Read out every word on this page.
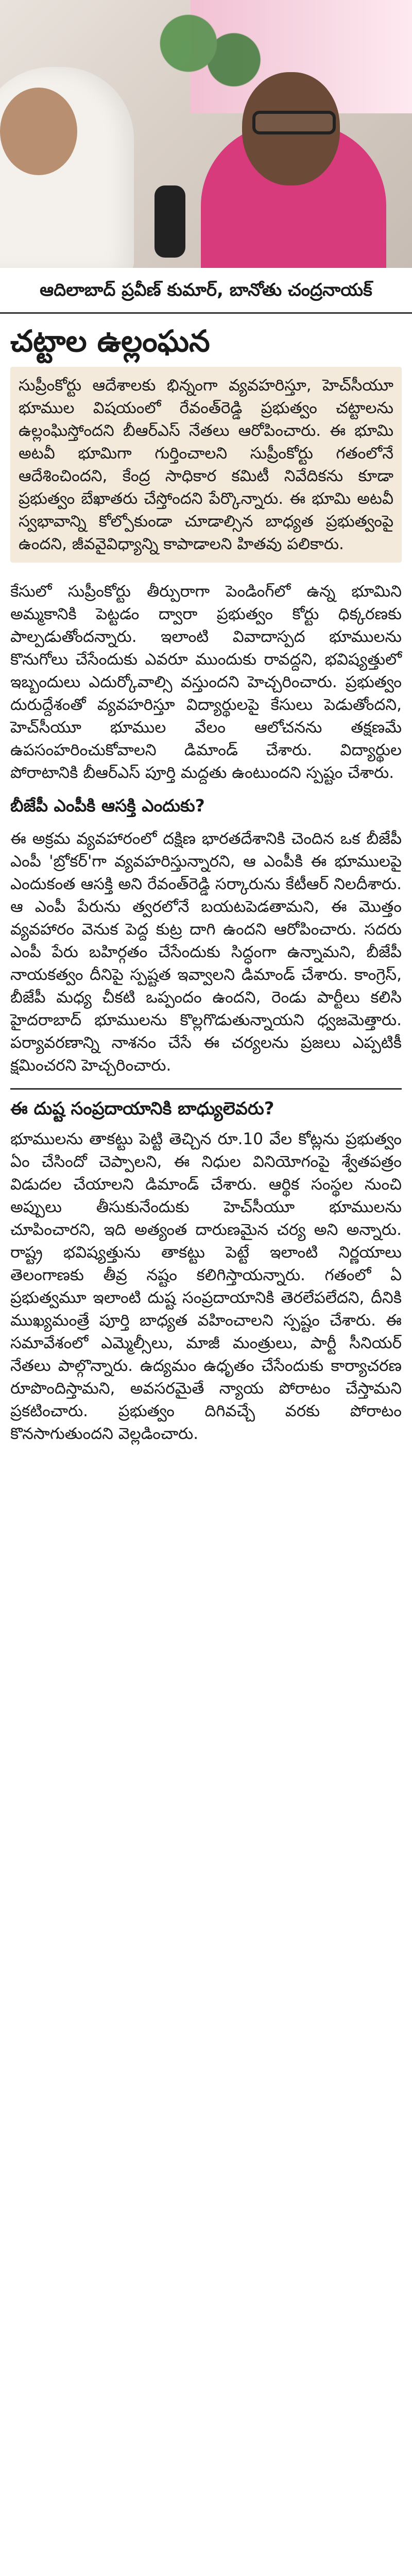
ఆదిలాబాద్ ప్రవీణ్ కుమార్, బానోతు చంద్రనాయక్
చట్టాల ఉల్లంఘన

సుప్రీంకోర్టు ఆదేశాలకు భిన్నంగా వ్యవహరిస్తూ, హెచ్‌సీయూ భూముల విషయంలో రేవంత్‌రెడ్డి ప్రభుత్వం చట్టాలను ఉల్లంఘిస్తోందని బీఆర్ఎస్ నేతలు ఆరోపించారు. ఈ భూమి అటవీ భూమిగా గుర్తించాలని సుప్రీంకోర్టు గతంలోనే ఆదేశించిందని, కేంద్ర సాధికార కమిటీ నివేదికను కూడా ప్రభుత్వం బేఖాతరు చేస్తోందని పేర్కొన్నారు. ఈ భూమి అటవీ స్వభావాన్ని కోల్పోకుండా చూడాల్సిన బాధ్యత ప్రభుత్వంపై ఉందని, జీవవైవిధ్యాన్ని కాపాడాలని హితవు పలికారు.

కేసులో సుప్రీంకోర్టు తీర్పురాగా పెండింగ్‌లో ఉన్న భూమిని అమ్మకానికి పెట్టడం ద్వారా ప్రభుత్వం కోర్టు ధిక్కరణకు పాల్పడుతోందన్నారు. ఇలాంటి వివాదాస్పద భూములను కొనుగోలు చేసేందుకు ఎవరూ ముందుకు రావద్దని, భవిష్యత్తులో ఇబ్బందులు ఎదుర్కోవాల్సి వస్తుందని హెచ్చరించారు. ప్రభుత్వం దురుద్దేశంతో వ్యవహరిస్తూ విద్యార్థులపై కేసులు పెడుతోందని, హెచ్‌సీయూ భూముల వేలం ఆలోచనను తక్షణమే ఉపసంహరించుకోవాలని డిమాండ్ చేశారు. విద్యార్థుల పోరాటానికి బీఆర్ఎస్ పూర్తి మద్దతు ఉంటుందని స్పష్టం చేశారు.

బీజేపీ ఎంపీకి ఆసక్తి ఎందుకు?

ఈ అక్రమ వ్యవహారంలో దక్షిణ భారతదేశానికి చెందిన ఒక బీజేపీ ఎంపీ 'బ్రోకర్'గా వ్యవహరిస్తున్నారని, ఆ ఎంపీకి ఈ భూములపై ఎందుకంత ఆసక్తి అని రేవంత్‌రెడ్డి సర్కారును కేటీఆర్ నిలదీశారు. ఆ ఎంపీ పేరును త్వరలోనే బయటపెడతామని, ఈ మొత్తం వ్యవహారం వెనుక పెద్ద కుట్ర దాగి ఉందని ఆరోపించారు. సదరు ఎంపీ పేరు బహిర్గతం చేసేందుకు సిద్ధంగా ఉన్నామని, బీజేపీ నాయకత్వం దీనిపై స్పష్టత ఇవ్వాలని డిమాండ్ చేశారు. కాంగ్రెస్, బీజేపీ మధ్య చీకటి ఒప్పందం ఉందని, రెండు పార్టీలు కలిసి హైదరాబాద్ భూములను కొల్లగొడుతున్నాయని ధ్వజమెత్తారు. పర్యావరణాన్ని నాశనం చేసే ఈ చర్యలను ప్రజలు ఎప్పటికీ క్షమించరని హెచ్చరించారు.

ఈ దుష్ట సంప్రదాయానికి బాధ్యులెవరు?

భూములను తాకట్టు పెట్టి తెచ్చిన రూ.10 వేల కోట్లను ప్రభుత్వం ఏం చేసిందో చెప్పాలని, ఈ నిధుల వినియోగంపై శ్వేతపత్రం విడుదల చేయాలని డిమాండ్ చేశారు. ఆర్థిక సంస్థల నుంచి అప్పులు తీసుకునేందుకు హెచ్‌సీయూ భూములను చూపించారని, ఇది అత్యంత దారుణమైన చర్య అని అన్నారు. రాష్ట్ర భవిష్యత్తును తాకట్టు పెట్టే ఇలాంటి నిర్ణయాలు తెలంగాణకు తీవ్ర నష్టం కలిగిస్తాయన్నారు. గతంలో ఏ ప్రభుత్వమూ ఇలాంటి దుష్ట సంప్రదాయానికి తెరలేపలేదని, దీనికి ముఖ్యమంత్రే పూర్తి బాధ్యత వహించాలని స్పష్టం చేశారు. ఈ సమావేశంలో ఎమ్మెల్సీలు, మాజీ మంత్రులు, పార్టీ సీనియర్ నేతలు పాల్గొన్నారు. ఉద్యమం ఉధృతం చేసేందుకు కార్యాచరణ రూపొందిస్తామని, అవసరమైతే న్యాయ పోరాటం చేస్తామని ప్రకటించారు. ప్రభుత్వం దిగివచ్చే వరకు పోరాటం కొనసాగుతుందని వెల్లడించారు.
